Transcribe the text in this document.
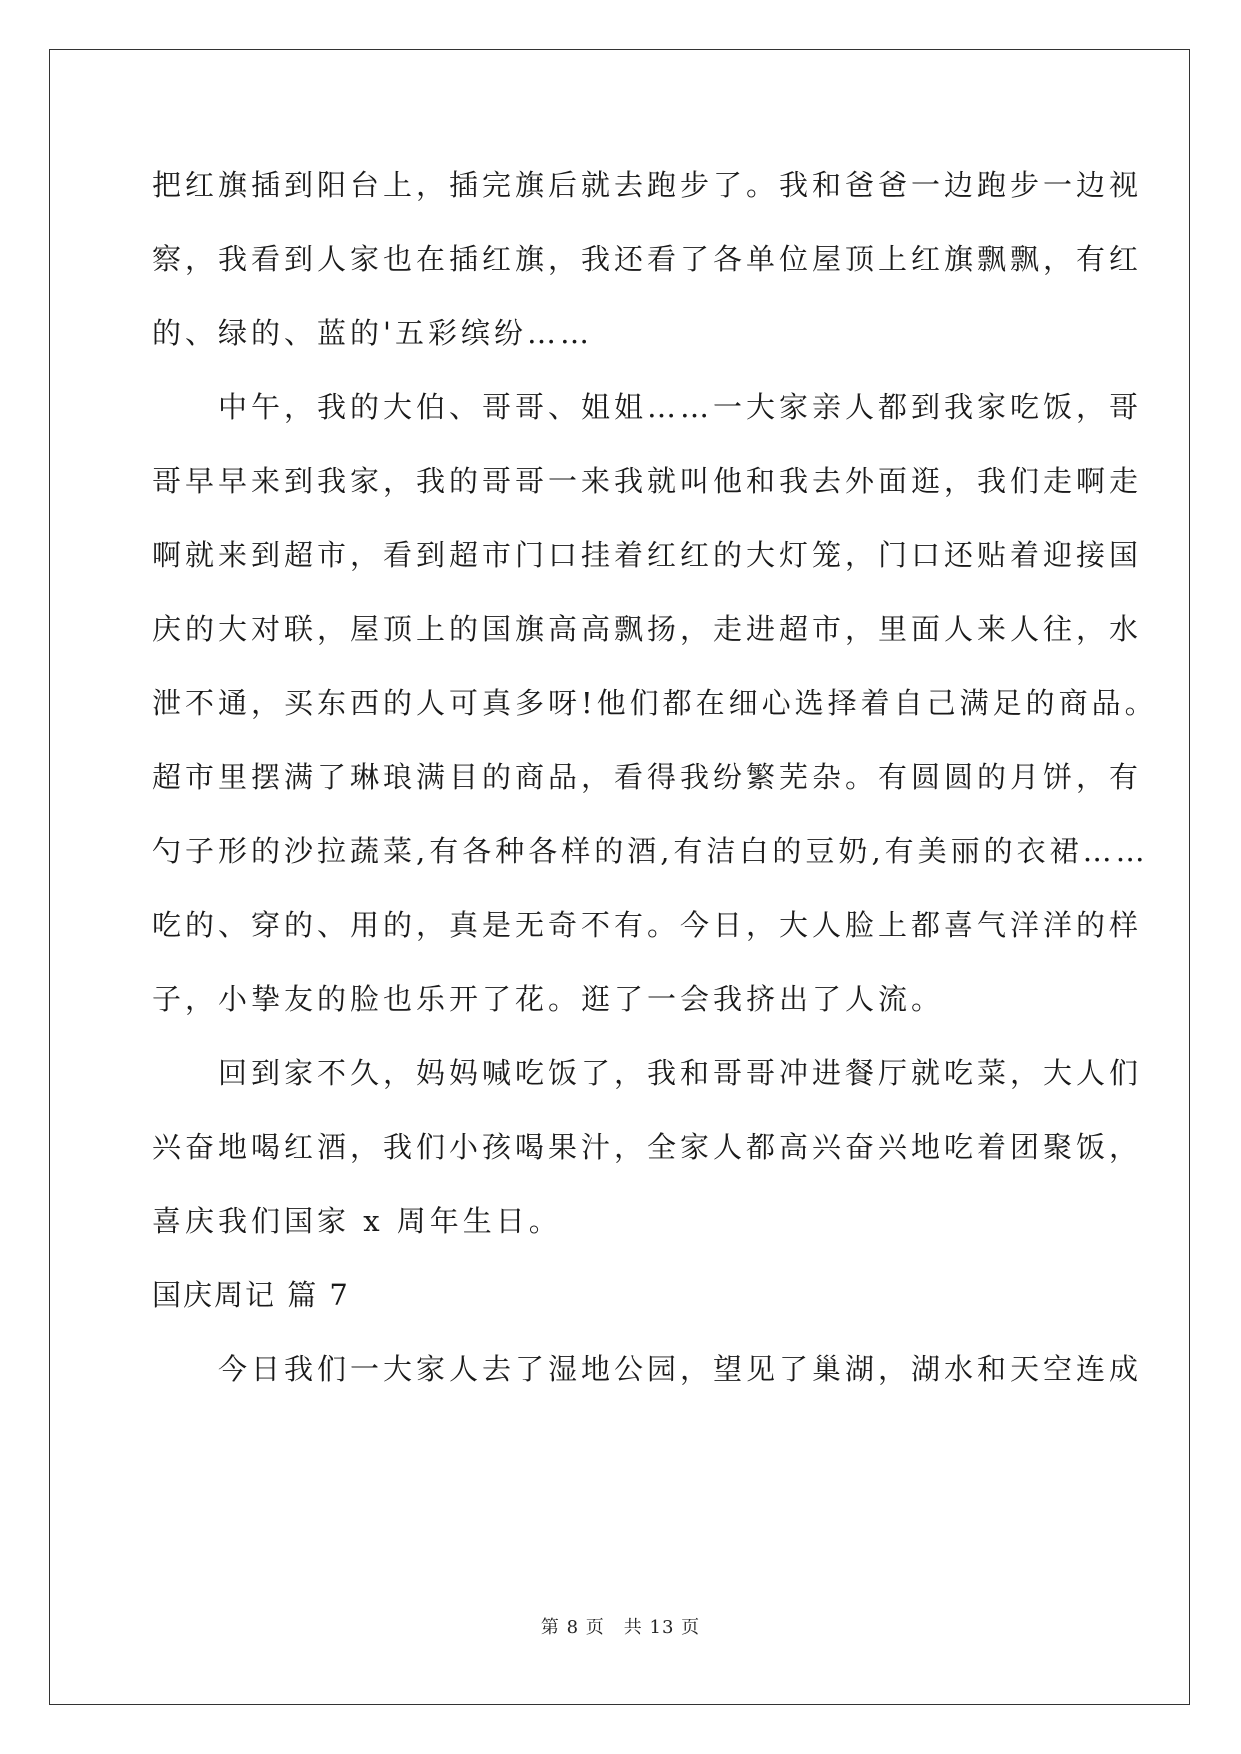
把红旗插到阳台上，插完旗后就去跑步了。我和爸爸一边跑步一边视
察，我看到人家也在插红旗，我还看了各单位屋顶上红旗飘飘，有红
的、绿的、蓝的'五彩缤纷……
中午，我的大伯、哥哥、姐姐……一大家亲人都到我家吃饭，哥
哥早早来到我家，我的哥哥一来我就叫他和我去外面逛，我们走啊走
啊就来到超市，看到超市门口挂着红红的大灯笼，门口还贴着迎接国
庆的大对联，屋顶上的国旗高高飘扬，走进超市，里面人来人往，水
泄不通，买东西的人可真多呀!他们都在细心选择着自己满足的商品。
超市里摆满了琳琅满目的商品，看得我纷繁芜杂。有圆圆的月饼，有
勺子形的沙拉蔬菜,有各种各样的酒,有洁白的豆奶,有美丽的衣裙……
吃的、穿的、用的，真是无奇不有。今日，大人脸上都喜气洋洋的样
子，小挚友的脸也乐开了花。逛了一会我挤出了人流。
回到家不久，妈妈喊吃饭了，我和哥哥冲进餐厅就吃菜，大人们
兴奋地喝红酒，我们小孩喝果汁，全家人都高兴奋兴地吃着团聚饭，
喜庆我们国家 x 周年生日。
国庆周记 篇 7
今日我们一大家人去了湿地公园，望见了巢湖，湖水和天空连成
第 8 页　共 13 页
